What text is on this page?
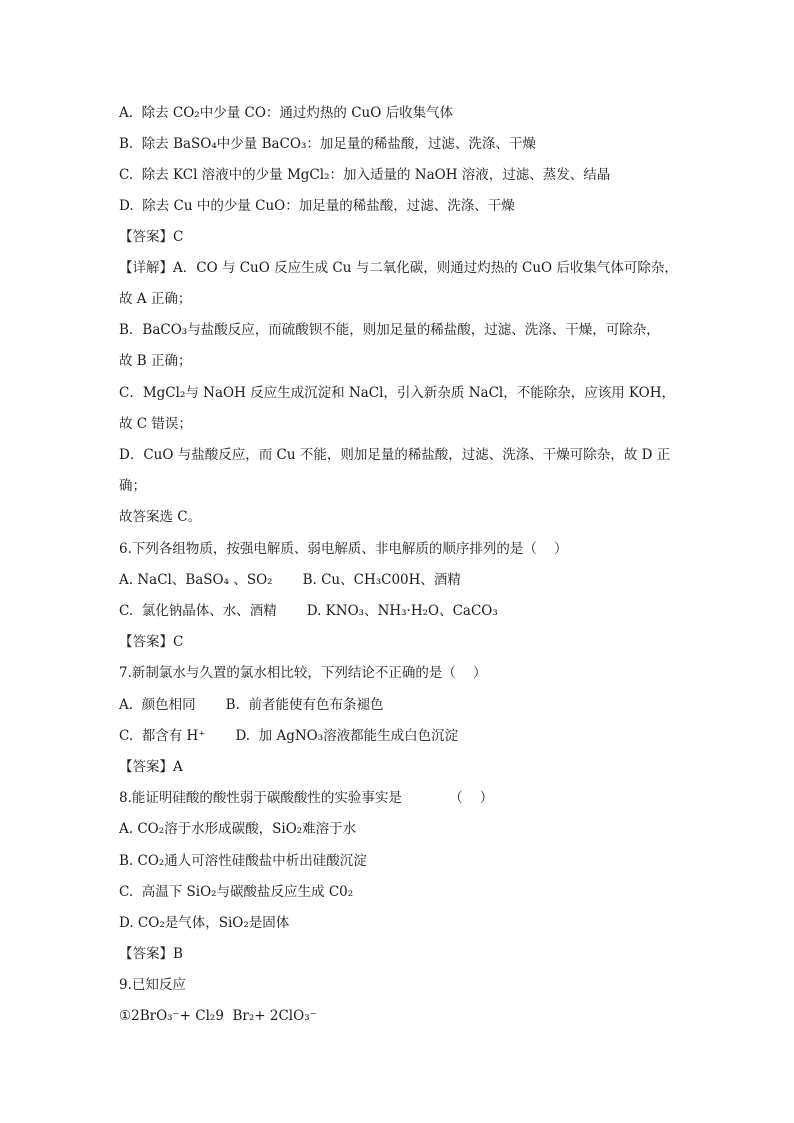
A.  除去 CO₂中少量 CO：通过灼热的 CuO 后收集气体
B.  除去 BaSO₄中少量 BaCO₃：加足量的稀盐酸，过滤、洗涤、干燥
C.  除去 KCl 溶液中的少量 MgCl₂：加入适量的 NaOH 溶液，过滤、蒸发、结晶
D.  除去 Cu 中的少量 CuO：加足量的稀盐酸，过滤、洗涤、干燥
【答案】C
【详解】A．CO 与 CuO 反应生成 Cu 与二氧化碳，则通过灼热的 CuO 后收集气体可除杂，
故 A 正确；
B．BaCO₃与盐酸反应，而硫酸钡不能，则加足量的稀盐酸，过滤、洗涤、干燥，可除杂，
故 B 正确；
C．MgCl₂与 NaOH 反应生成沉淀和 NaCl，引入新杂质 NaCl，不能除杂，应该用 KOH，
故 C 错误；
D．CuO 与盐酸反应，而 Cu 不能，则加足量的稀盐酸，过滤、洗涤、干燥可除杂，故 D 正
确；
故答案选 C。
6.下列各组物质，按强电解质、弱电解质、非电解质的顺序排列的是（    ）
A. NaCl、BaSO₄ 、SO₂       B. Cu、CH₃C00H、酒精
C.  氯化钠晶体、水、酒精       D. KNO₃、NH₃·H₂O、CaCO₃
【答案】C
7.新制氯水与久置的氯水相比较，下列结论不正确的是（    ）
A.  颜色相同       B.  前者能使有色布条褪色
C.  都含有 H⁺       D.  加 AgNO₃溶液都能生成白色沉淀
【答案】A
8.能证明硅酸的酸性弱于碳酸酸性的实验事实是           （    ）
A. CO₂溶于水形成碳酸，SiO₂难溶于水
B. CO₂通人可溶性硅酸盐中析出硅酸沉淀
C.  高温下 SiO₂与碳酸盐反应生成 C0₂
D. CO₂是气体，SiO₂是固体
【答案】B
9.已知反应
①2BrO₃⁻+ Cl₂9  Br₂+ 2ClO₃⁻
